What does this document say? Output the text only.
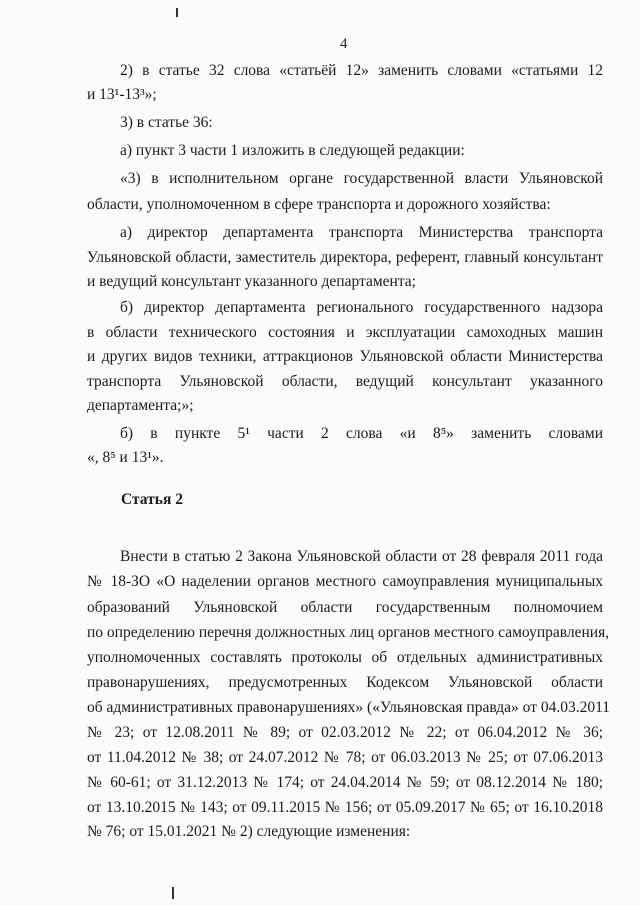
4
2) в статье 32 слова «статьёй 12» заменить словами «статьями 12
и 13¹-13³»;
3) в статье 36:
а) пункт 3 части 1 изложить в следующей редакции:
«3) в исполнительном органе государственной власти Ульяновской
области, уполномоченном в сфере транспорта и дорожного хозяйства:
а) директор департамента транспорта Министерства транспорта
Ульяновской области, заместитель директора, референт, главный консультант
и ведущий консультант указанного департамента;
б) директор департамента регионального государственного надзора
в области технического состояния и эксплуатации самоходных машин
и других видов техники, аттракционов Ульяновской области Министерства
транспорта Ульяновской области, ведущий консультант указанного
департамента;»;
б) в пункте 5¹ части 2 слова «и 8⁵» заменить словами
«, 8⁵ и 13¹».
Статья 2
Внести в статью 2 Закона Ульяновской области от 28 февраля 2011 года
№ 18-ЗО «О наделении органов местного самоуправления муниципальных
образований Ульяновской области государственным полномочием
по определению перечня должностных лиц органов местного самоуправления,
уполномоченных составлять протоколы об отдельных административных
правонарушениях, предусмотренных Кодексом Ульяновской области
об административных правонарушениях» («Ульяновская правда» от 04.03.2011
№ 23; от 12.08.2011 № 89; от 02.03.2012 № 22; от 06.04.2012 № 36;
от 11.04.2012 № 38; от 24.07.2012 № 78; от 06.03.2013 № 25; от 07.06.2013
№ 60-61; от 31.12.2013 № 174; от 24.04.2014 № 59; от 08.12.2014 № 180;
от 13.10.2015 № 143; от 09.11.2015 № 156; от 05.09.2017 № 65; от 16.10.2018
№ 76; от 15.01.2021 № 2) следующие изменения:
